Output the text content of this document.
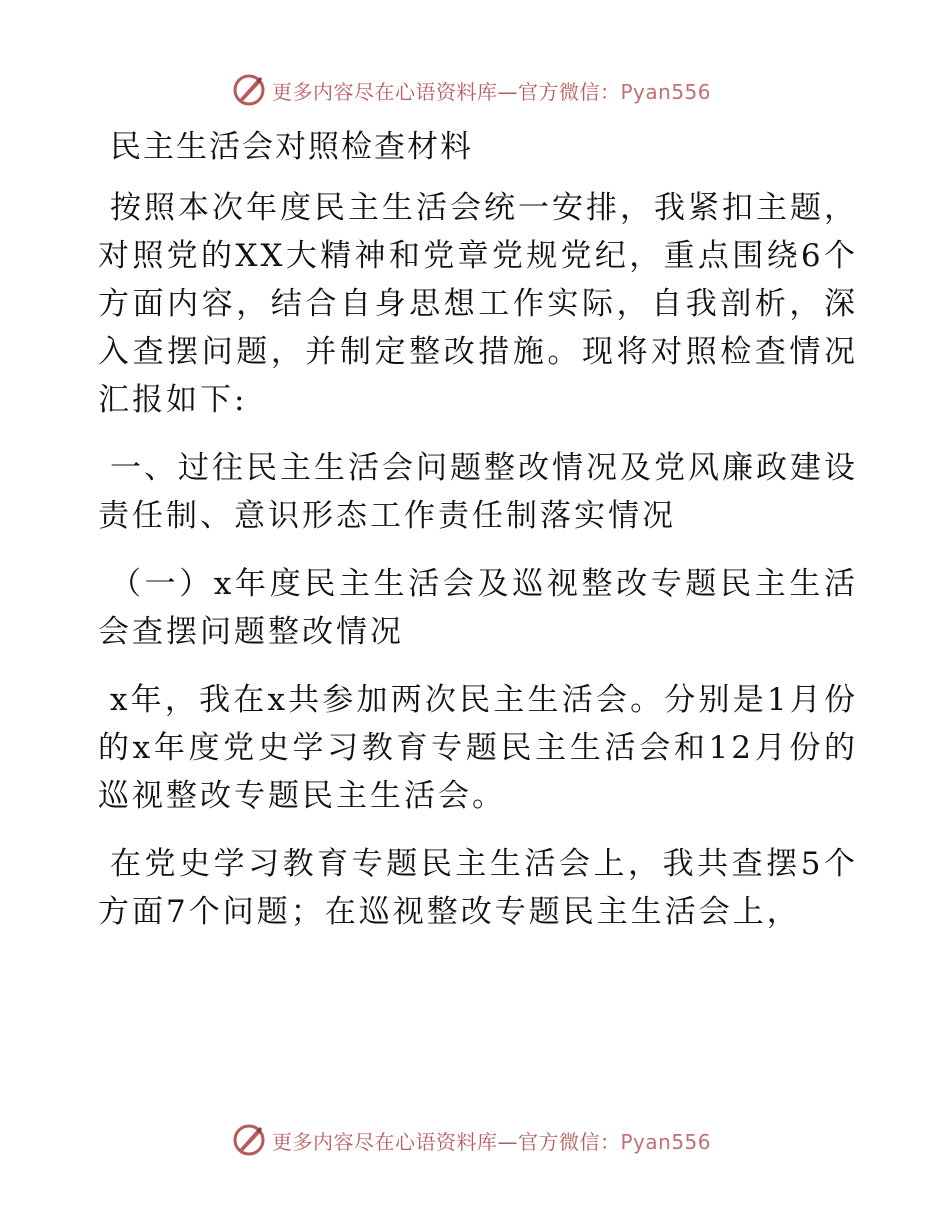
更多内容尽在心语资料库—官方微信：Pyan556
民主生活会对照检查材料

按照本次年度民主生活会统一安排，我紧扣主题，对照党的XX大精神和党章党规党纪，重点围绕6个方面内容，结合自身思想工作实际，自我剖析，深入查摆问题，并制定整改措施。现将对照检查情况汇报如下:

一、过往民主生活会问题整改情况及党风廉政建设责任制、意识形态工作责任制落实情况

（一）x年度民主生活会及巡视整改专题民主生活会查摆问题整改情况

x年，我在x共参加两次民主生活会。分别是1月份的x年度党史学习教育专题民主生活会和12月份的巡视整改专题民主生活会。

在党史学习教育专题民主生活会上，我共查摆5个方面7个问题；在巡视整改专题民主生活会上，

更多内容尽在心语资料库—官方微信：Pyan556
